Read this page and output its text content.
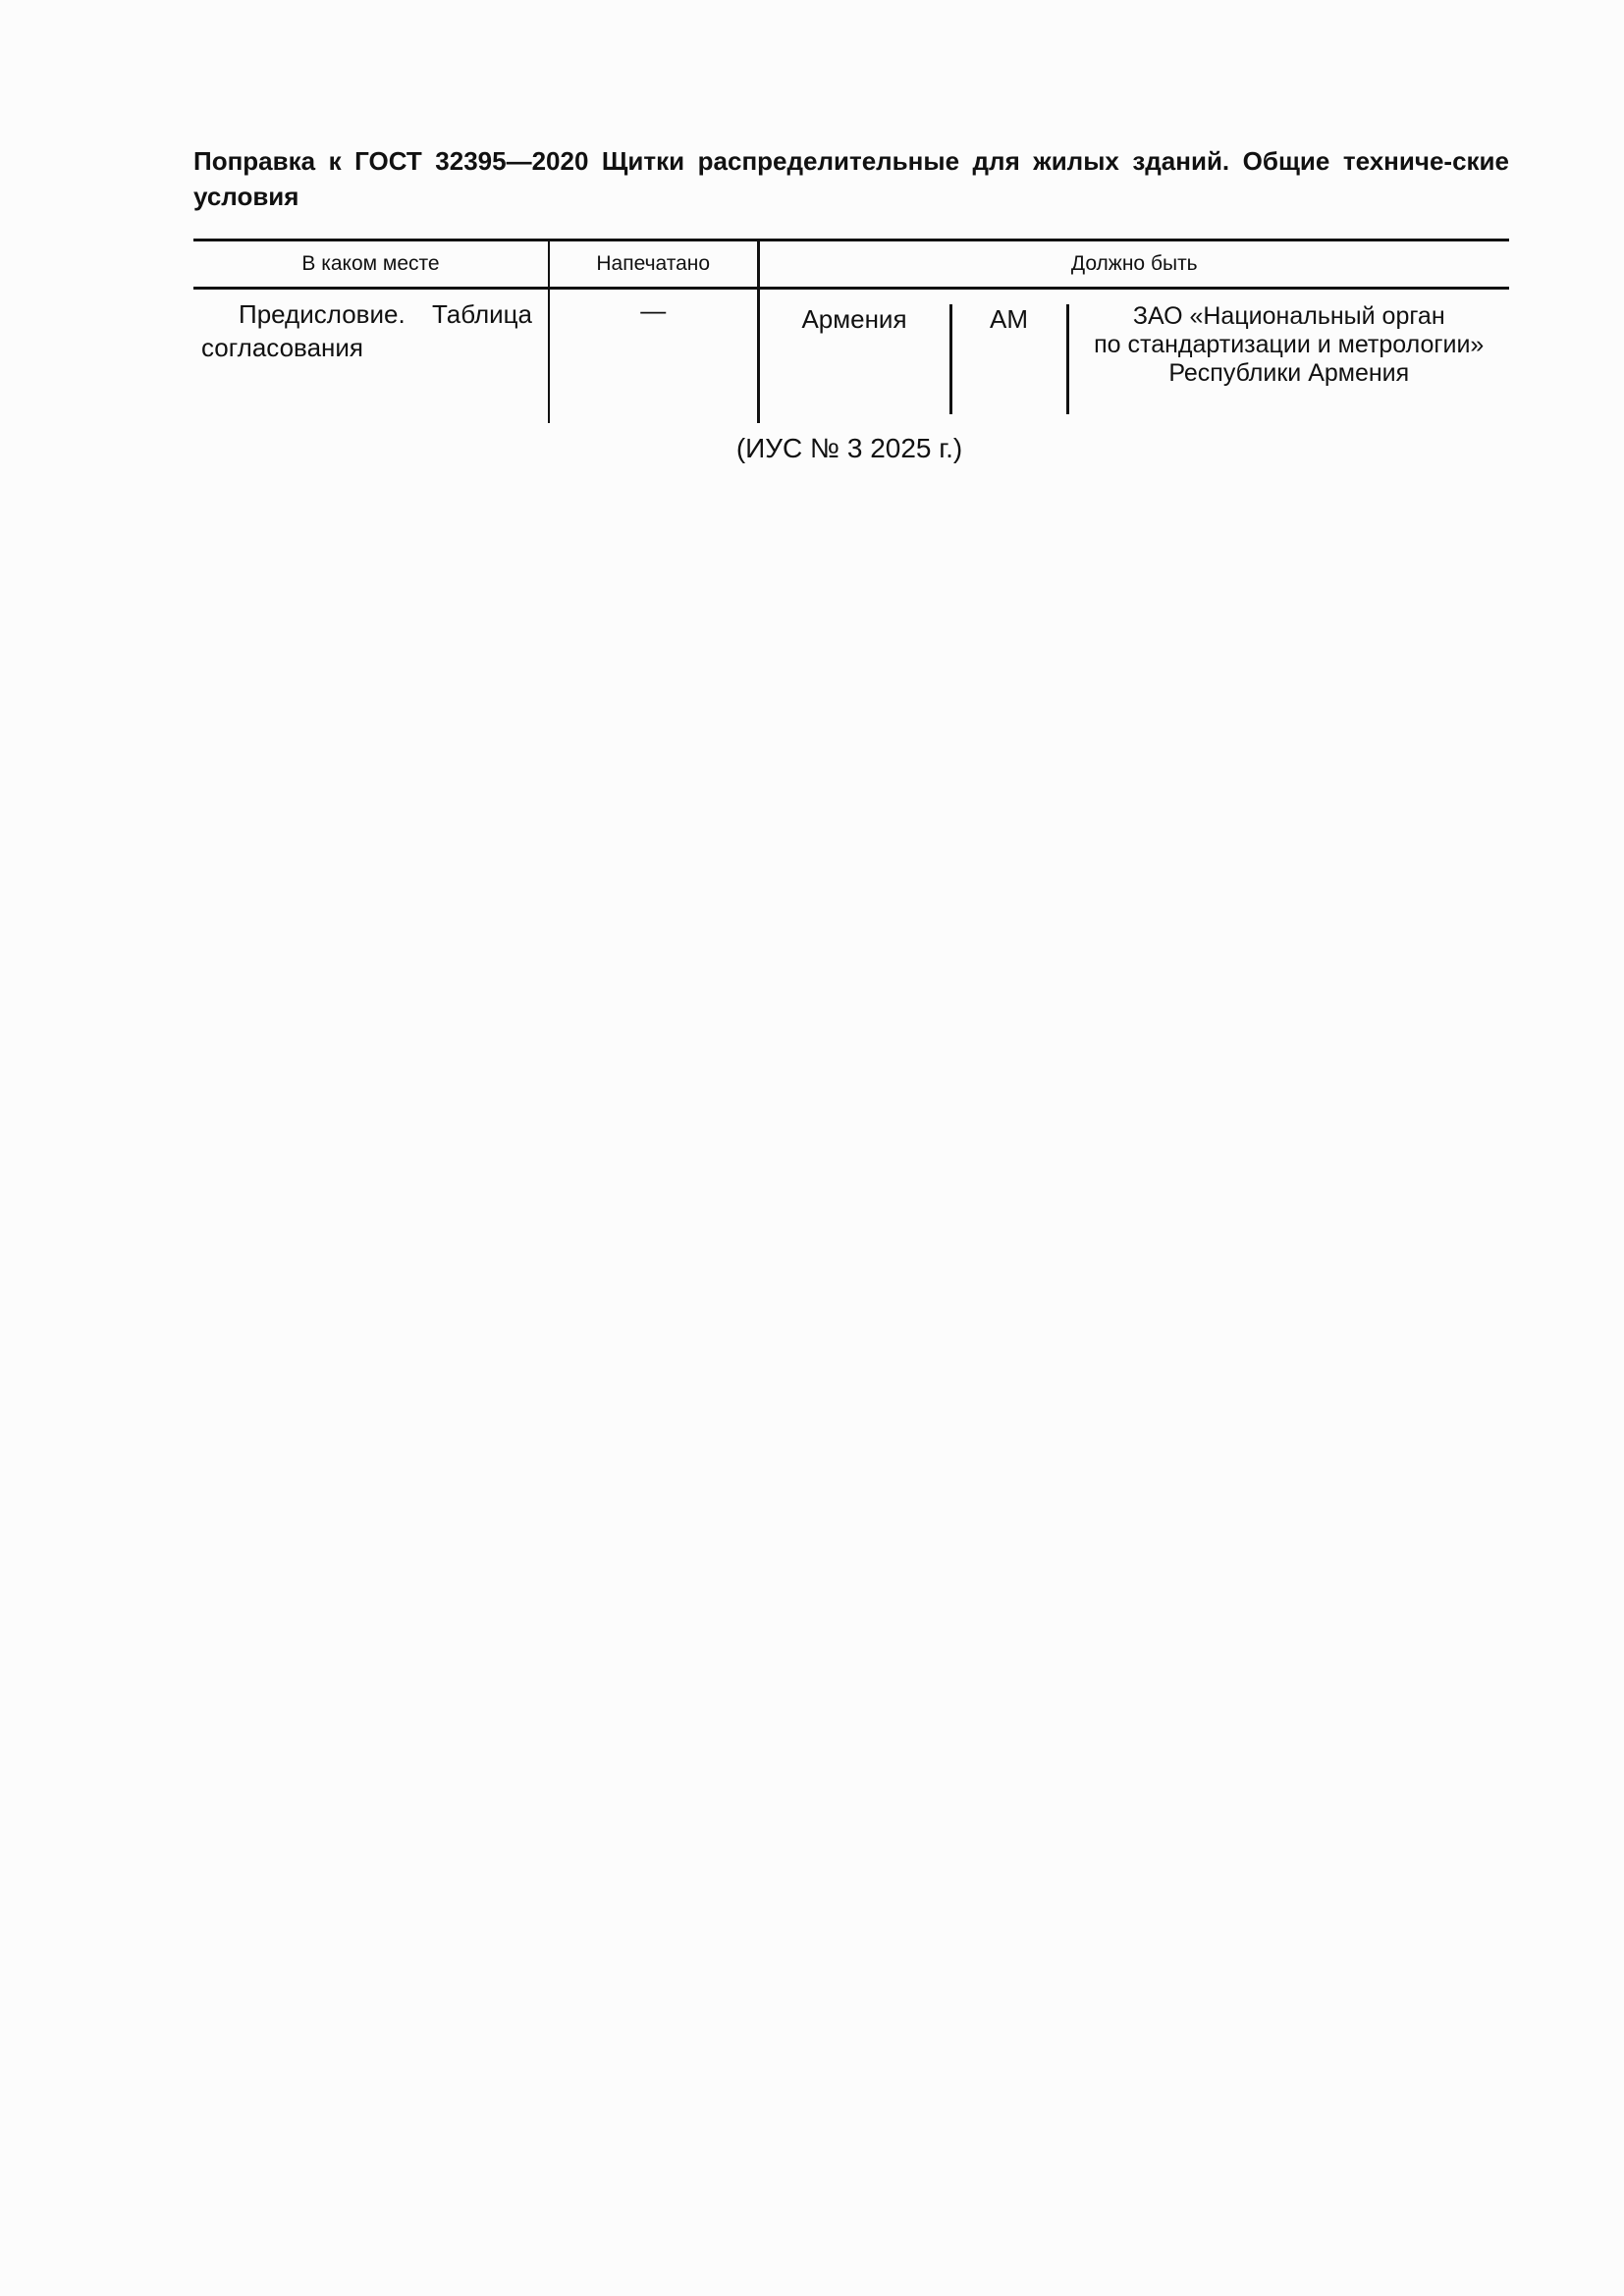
Поправка к ГОСТ 32395—2020 Щитки распределительные для жилых зданий. Общие техниче-ские условия
В каком месте	Напечатано	Должно быть
Предисловие. Таблица согласования	—	Армения AM ЗАО «Национальный орган
по стандартизации и метрологии»
Республики Армения

(ИУС № 3 2025 г.)
